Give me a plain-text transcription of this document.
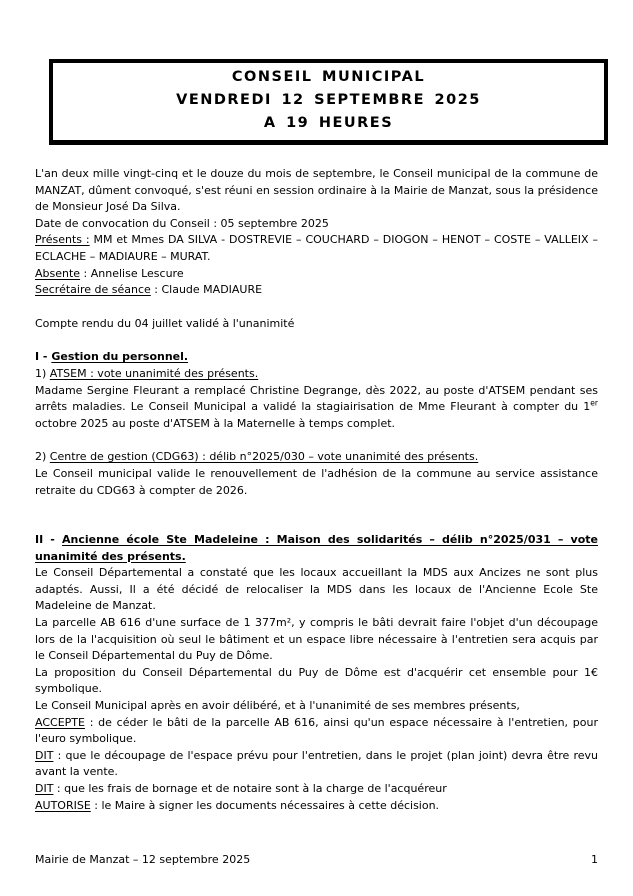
CONSEIL MUNICIPAL
VENDREDI 12 SEPTEMBRE 2025
A 19 HEURES

L'an deux mille vingt-cinq et le douze du mois de septembre, le Conseil municipal de la commune de MANZAT, dûment convoqué, s'est réuni en session ordinaire à la Mairie de Manzat, sous la présidence de Monsieur José Da Silva.

Date de convocation du Conseil : 05 septembre 2025

Présents : MM et Mmes DA SILVA - DOSTREVIE – COUCHARD – DIOGON – HENOT – COSTE – VALLEIX – ECLACHE – MADIAURE – MURAT.

Absente : Annelise Lescure

Secrétaire de séance : Claude MADIAURE

Compte rendu du 04 juillet validé à l'unanimité

I - Gestion du personnel.

1) ATSEM : vote unanimité des présents.

Madame Sergine Fleurant a remplacé Christine Degrange, dès 2022, au poste d'ATSEM pendant ses arrêts maladies. Le Conseil Municipal a validé la stagiairisation de Mme Fleurant à compter du 1er octobre 2025 au poste d'ATSEM à la Maternelle à temps complet.

2) Centre de gestion (CDG63) : délib n°2025/030 – vote unanimité des présents.

Le Conseil municipal valide le renouvellement de l'adhésion de la commune au service assistance retraite du CDG63 à compter de 2026.

II - Ancienne école Ste Madeleine : Maison des solidarités – délib n°2025/031 – vote unanimité des présents.

Le Conseil Départemental a constaté que les locaux accueillant la MDS aux Ancizes ne sont plus adaptés. Aussi, Il a été décidé de relocaliser la MDS dans les locaux de l'Ancienne Ecole Ste Madeleine de Manzat.

La parcelle AB 616 d'une surface de 1 377m², y compris le bâti devrait faire l'objet d'un découpage lors de la l'acquisition où seul le bâtiment et un espace libre nécessaire à l'entretien sera acquis par le Conseil Départemental du Puy de Dôme.

La proposition du Conseil Départemental du Puy de Dôme est d'acquérir cet ensemble pour 1€ symbolique.

Le Conseil Municipal après en avoir délibéré, et à l'unanimité de ses membres présents,

ACCEPTE : de céder le bâti de la parcelle AB 616, ainsi qu'un espace nécessaire à l'entretien, pour l'euro symbolique.

DIT : que le découpage de l'espace prévu pour l'entretien, dans le projet (plan joint) devra être revu avant la vente.

DIT : que les frais de bornage et de notaire sont à la charge de l'acquéreur

AUTORISE : le Maire à signer les documents nécessaires à cette décision.

Mairie de Manzat – 12 septembre 2025	1
